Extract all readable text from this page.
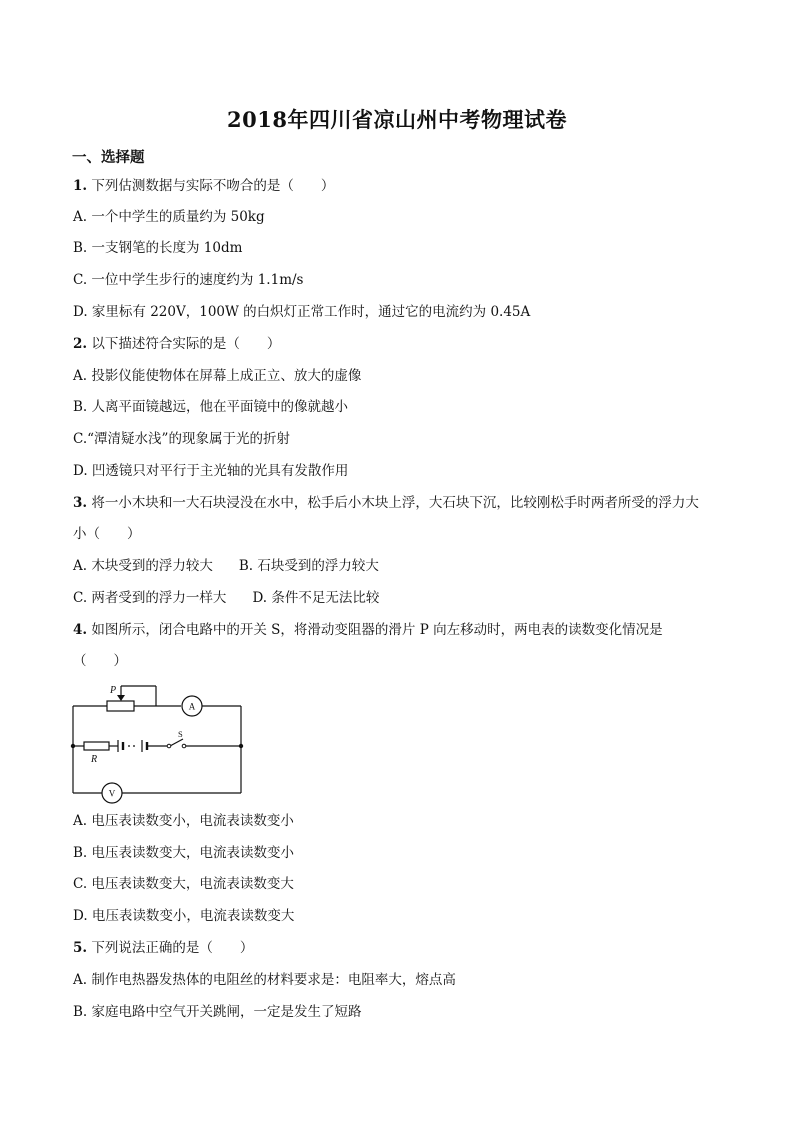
2018年四川省凉山州中考物理试卷
一、选择题
1. 下列估测数据与实际不吻合的是（　　）
A. 一个中学生的质量约为 50kg
B. 一支钢笔的长度为 10dm
C. 一位中学生步行的速度约为 1.1m/s
D. 家里标有 220V，100W 的白炽灯正常工作时，通过它的电流约为 0.45A
2. 以下描述符合实际的是（　　）
A. 投影仪能使物体在屏幕上成正立、放大的虚像
B. 人离平面镜越远，他在平面镜中的像就越小
C.“潭清疑水浅”的现象属于光的折射
D. 凹透镜只对平行于主光轴的光具有发散作用
3. 将一小木块和一大石块浸没在水中，松手后小木块上浮，大石块下沉，比较刚松手时两者所受的浮力大
小（　　）
A. 木块受到的浮力较大 B. 石块受到的浮力较大
C. 两者受到的浮力一样大 D. 条件不足无法比较
4. 如图所示，闭合电路中的开关 S，将滑动变阻器的滑片 P 向左移动时，两电表的读数变化情况是
（　　）
P
A
S
R
V
A. 电压表读数变小，电流表读数变小
B. 电压表读数变大，电流表读数变小
C. 电压表读数变大，电流表读数变大
D. 电压表读数变小，电流表读数变大
5. 下列说法正确的是（　　）
A. 制作电热器发热体的电阻丝的材料要求是：电阻率大，熔点高
B. 家庭电路中空气开关跳闸，一定是发生了短路
